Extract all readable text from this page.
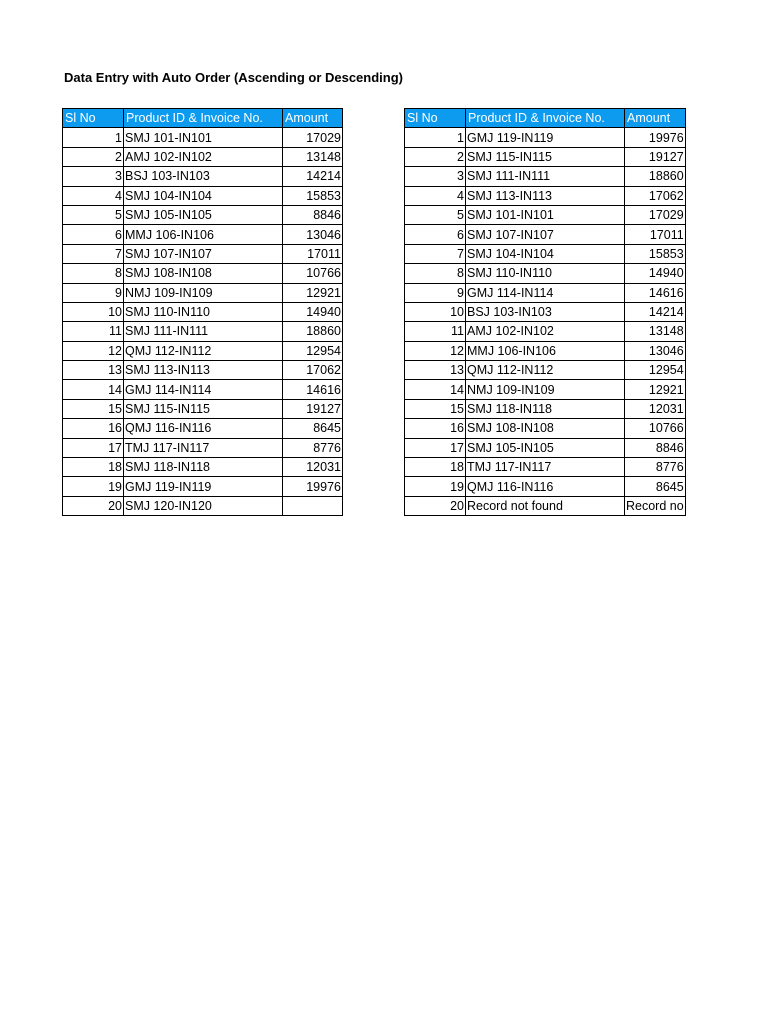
Data Entry with Auto Order (Ascending or Descending)
Sl No	Product ID & Invoice No.	Amount
1	SMJ 101-IN101	17029
2	AMJ 102-IN102	13148
3	BSJ 103-IN103	14214
4	SMJ 104-IN104	15853
5	SMJ 105-IN105	8846
6	MMJ 106-IN106	13046
7	SMJ 107-IN107	17011
8	SMJ 108-IN108	10766
9	NMJ 109-IN109	12921
10	SMJ 110-IN110	14940
11	SMJ 111-IN111	18860
12	QMJ 112-IN112	12954
13	SMJ 113-IN113	17062
14	GMJ 114-IN114	14616
15	SMJ 115-IN115	19127
16	QMJ 116-IN116	8645
17	TMJ 117-IN117	8776
18	SMJ 118-IN118	12031
19	GMJ 119-IN119	19976
20	SMJ 120-IN120	
Sl No	Product ID & Invoice No.	Amount
1	GMJ 119-IN119	19976
2	SMJ 115-IN115	19127
3	SMJ 111-IN111	18860
4	SMJ 113-IN113	17062
5	SMJ 101-IN101	17029
6	SMJ 107-IN107	17011
7	SMJ 104-IN104	15853
8	SMJ 110-IN110	14940
9	GMJ 114-IN114	14616
10	BSJ 103-IN103	14214
11	AMJ 102-IN102	13148
12	MMJ 106-IN106	13046
13	QMJ 112-IN112	12954
14	NMJ 109-IN109	12921
15	SMJ 118-IN118	12031
16	SMJ 108-IN108	10766
17	SMJ 105-IN105	8846
18	TMJ 117-IN117	8776
19	QMJ 116-IN116	8645
20	Record not found	Record no
